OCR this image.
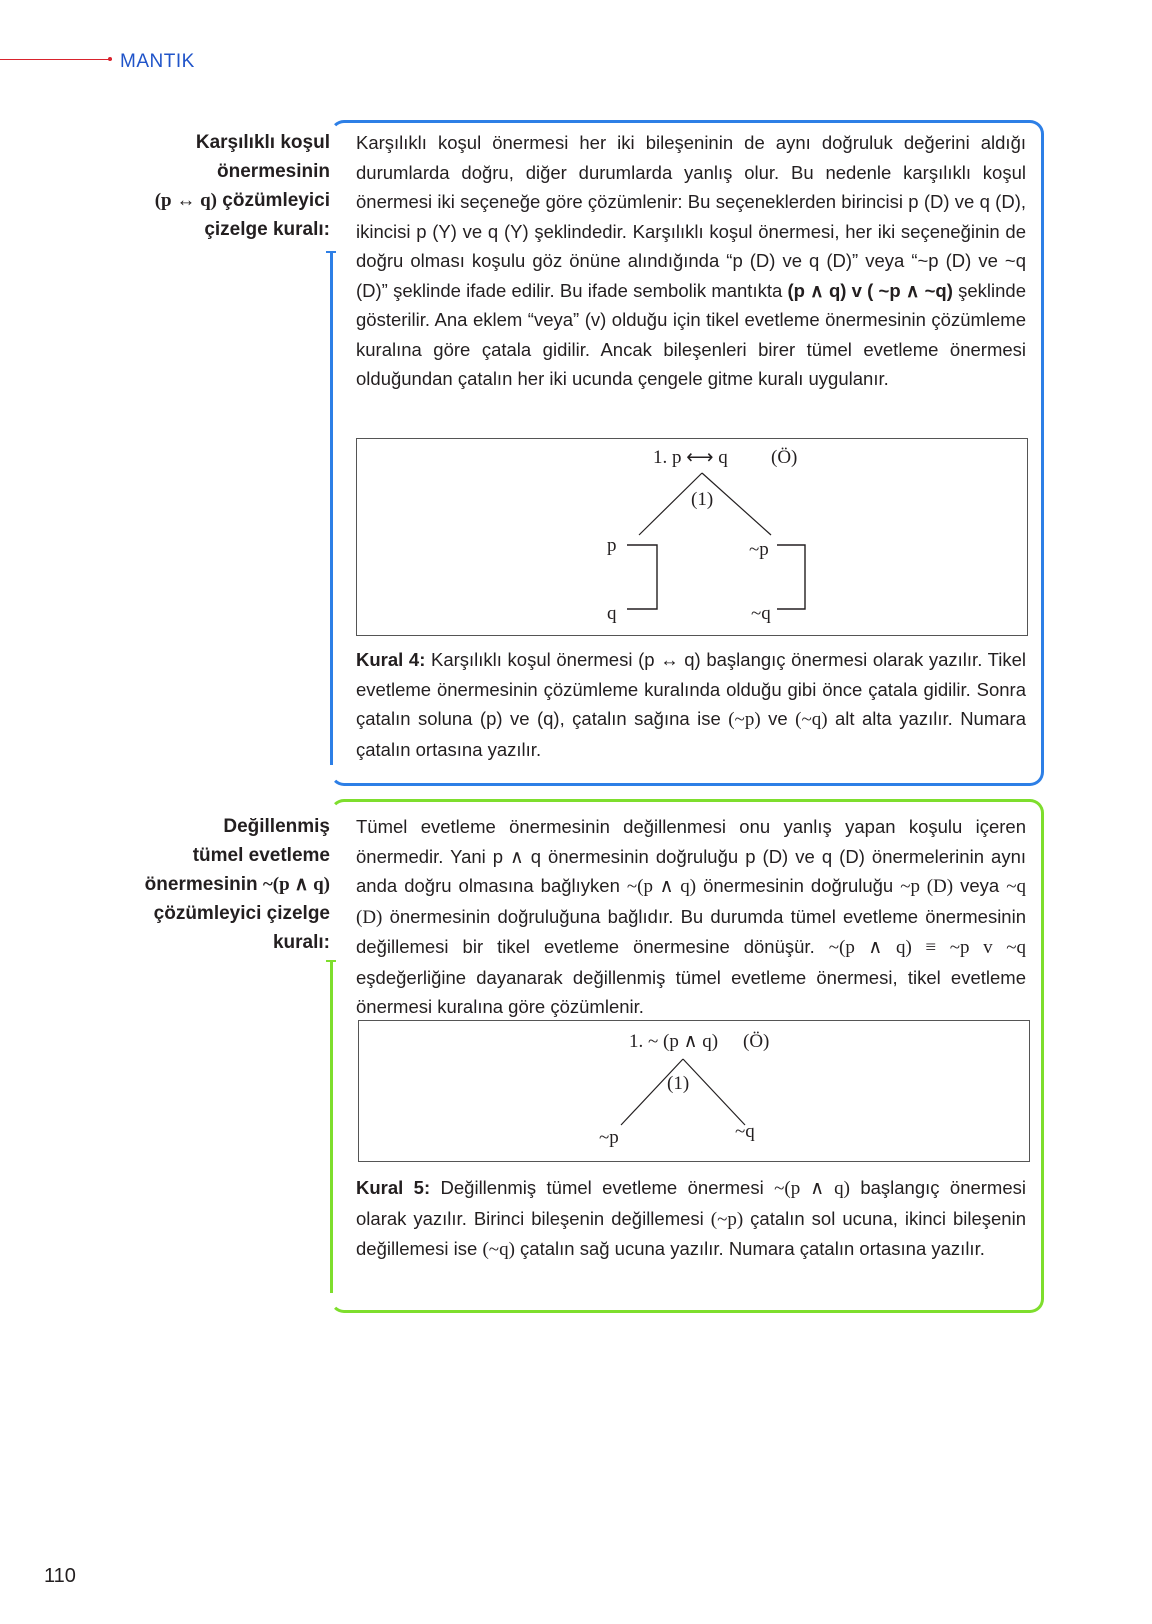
MANTIK
Karşılıklı koşul
önermesinin
(p ↔ q) çözümleyici
çizelge kuralı:
Karşılıklı koşul önermesi her iki bileşeninin de aynı doğruluk değerini aldığı durumlarda doğru, diğer durumlarda yanlış olur. Bu nedenle karşılıklı koşul önermesi iki seçeneğe göre çözümlenir: Bu seçeneklerden birincisi p (D) ve q (D), ikincisi p (Y) ve q (Y) şeklindedir. Karşılıklı koşul önermesi, her iki seçeneğinin de doğru olması koşulu göz önüne alındığında “p (D) ve q (D)” veya “~p (D) ve ~q (D)” şeklinde ifade edilir. Bu ifade sembolik mantıkta (p ∧ q) v ( ~p ∧ ~q) şeklinde gösterilir. Ana eklem “veya” (v) olduğu için tikel evetleme önermesinin çözümleme kuralına göre çatala gidilir. Ancak bileşenleri birer tümel evetleme önermesi olduğundan çatalın her iki ucunda çengele gitme kuralı uygulanır.
1. p ⟷ q (Ö)
(1)
p
q
~p
~q
Kural 4: Karşılıklı koşul önermesi (p ↔ q) başlangıç önermesi olarak yazılır. Tikel evetleme önermesinin çözümleme kuralında olduğu gibi önce çatala gidilir. Sonra çatalın soluna (p) ve (q), çatalın sağına ise (~p) ve (~q) alt alta yazılır. Numara çatalın ortasına yazılır.
Değillenmiş
tümel evetleme
önermesinin ~(p ∧ q)
çözümleyici çizelge
kuralı:
Tümel evetleme önermesinin değillenmesi onu yanlış yapan koşulu içeren önermedir. Yani p ∧ q önermesinin doğruluğu p (D) ve q (D) önermelerinin aynı anda doğru olmasına bağlıyken ~(p ∧ q) önermesinin doğruluğu ~p (D) veya ~q (D) önermesinin doğruluğuna bağlıdır. Bu durumda tümel evetleme önermesinin değillemesi bir tikel evetleme önermesine dönüşür. ~(p ∧ q) ≡ ~p v ~q eşdeğerliğine dayanarak değillenmiş tümel evetleme önermesi, tikel evetleme önermesi kuralına göre çözümlenir.
1. ~ (p ∧ q) (Ö)
(1)
~p	~q
Kural 5: Değillenmiş tümel evetleme önermesi ~(p ∧ q) başlangıç önermesi olarak yazılır. Birinci bileşenin değillemesi (~p) çatalın sol ucuna, ikinci bileşenin değillemesi ise (~q) çatalın sağ ucuna yazılır. Numara çatalın ortasına yazılır.
110
